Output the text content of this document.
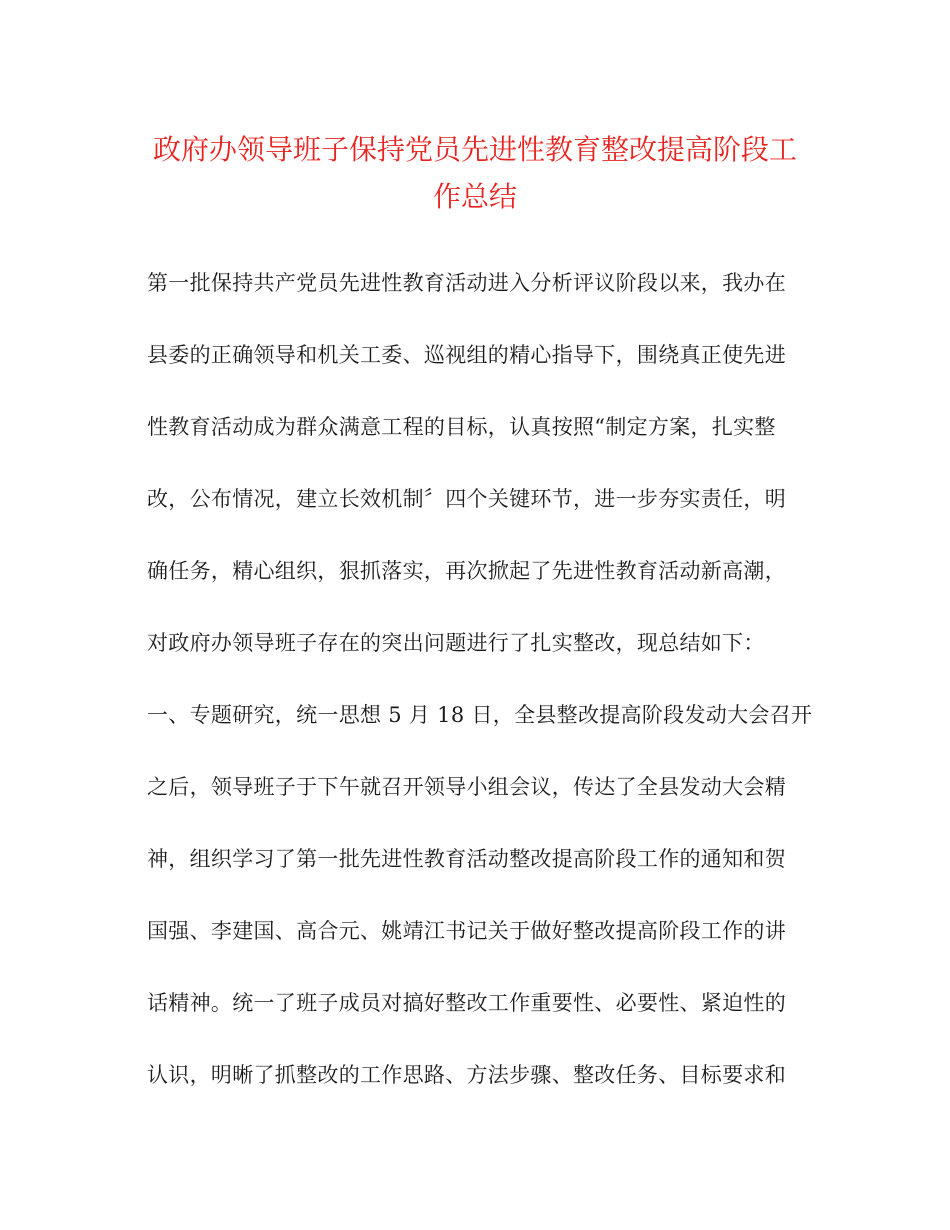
政府办领导班子保持党员先进性教育整改提高阶段工
作总结
第一批保持共产党员先进性教育活动进入分析评议阶段以来，我办在
县委的正确领导和机关工委、巡视组的精心指导下，围绕真正使先进
性教育活动成为群众满意工程的目标，认真按照“制定方案，扎实整
改，公布情况，建立长效机制〞四个关键环节，进一步夯实责任，明
确任务，精心组织，狠抓落实，再次掀起了先进性教育活动新高潮，
对政府办领导班子存在的突出问题进行了扎实整改，现总结如下：
一、专题研究，统一思想 5 月 18 日，全县整改提高阶段发动大会召开
之后，领导班子于下午就召开领导小组会议，传达了全县发动大会精
神，组织学习了第一批先进性教育活动整改提高阶段工作的通知和贺
国强、李建国、高合元、姚靖江书记关于做好整改提高阶段工作的讲
话精神。统一了班子成员对搞好整改工作重要性、必要性、紧迫性的
认识，明晰了抓整改的工作思路、方法步骤、整改任务、目标要求和
